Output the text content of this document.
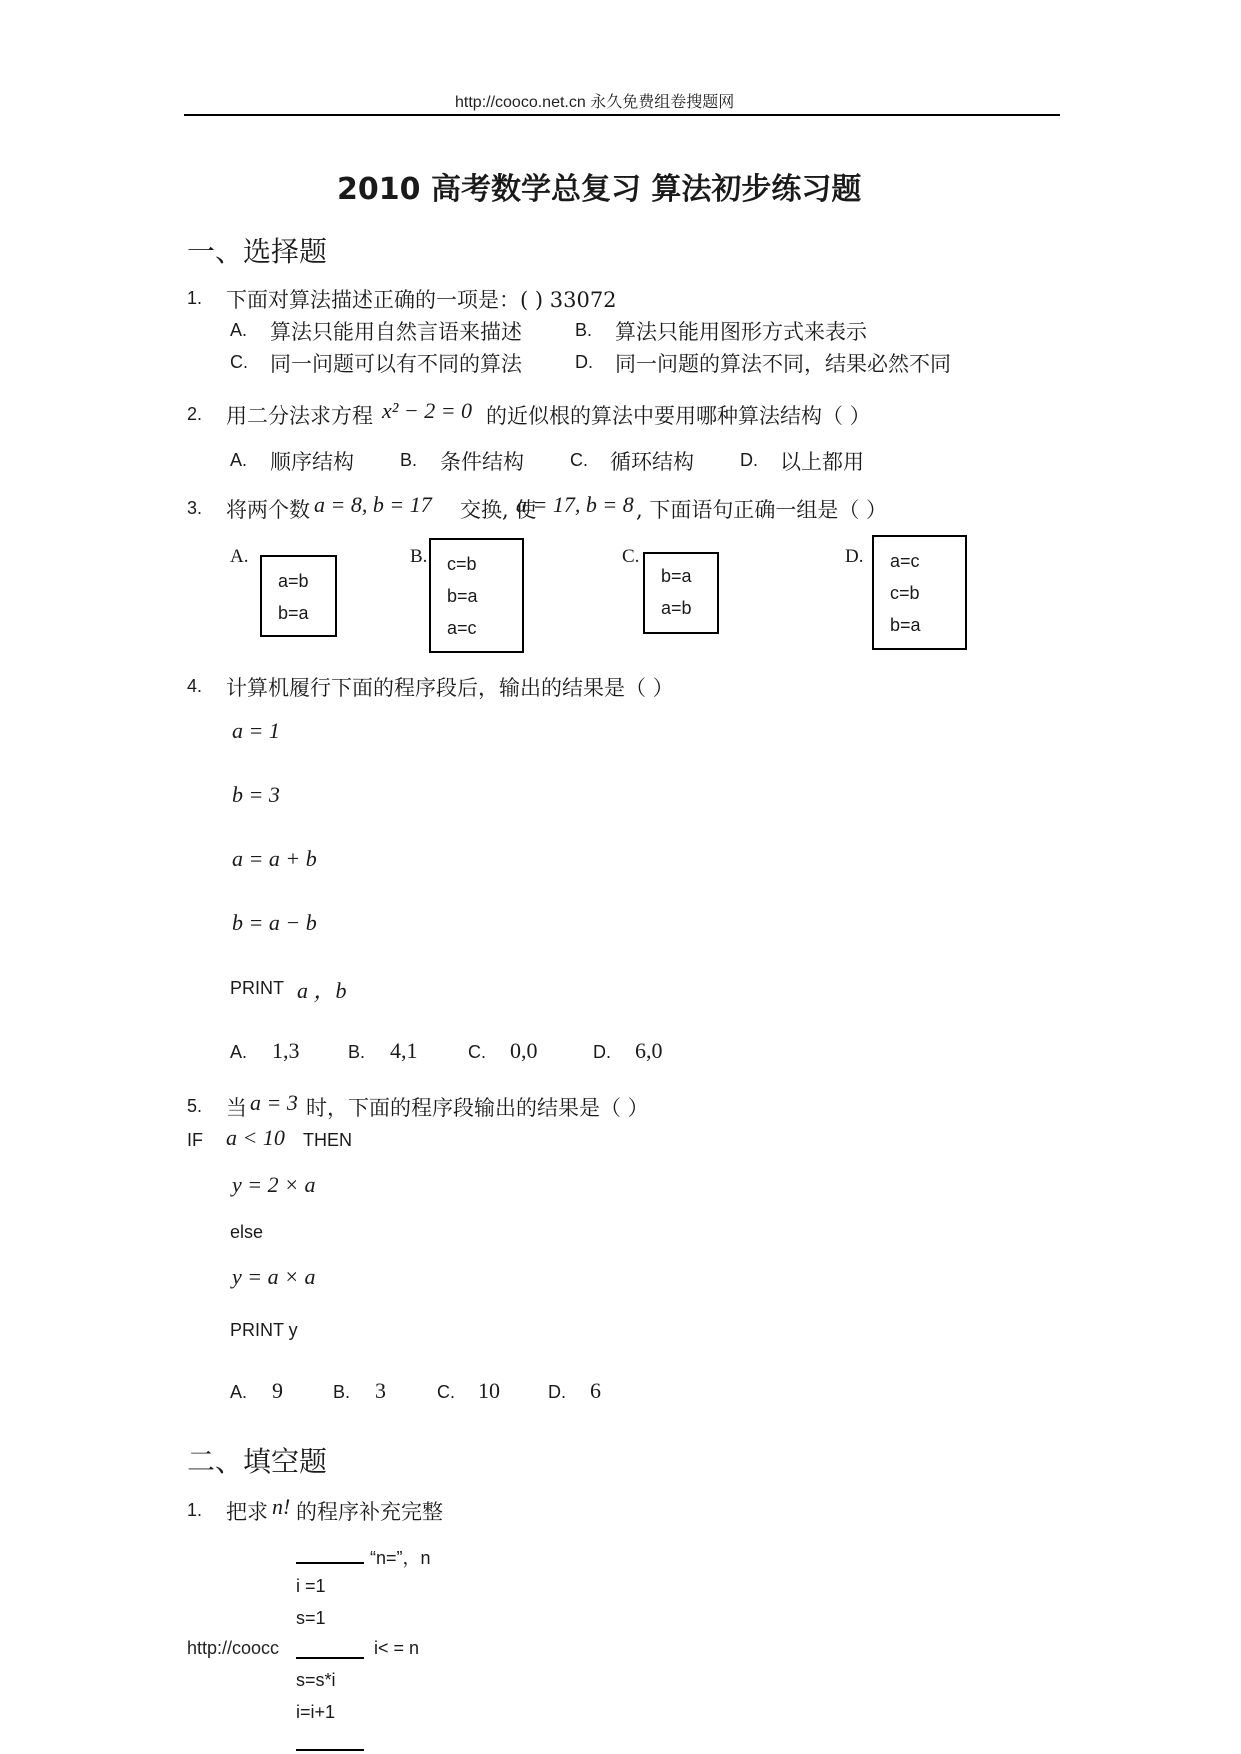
http://cooco.net.cn 永久免费组卷搜题网
2010 高考数学总复习 算法初步练习题
一、选择题
1. 下面对算法描述正确的一项是：( ) 33072
A. 算法只能用自然言语来描述	B. 算法只能用图形方式来表示
C. 同一问题可以有不同的算法	D. 同一问题的算法不同，结果必然不同
2. 用二分法求方程 x² − 2 = 0 的近似根的算法中要用哪种算法结构（ ）
A. 顺序结构	B. 条件结构	C. 循环结构	D. 以上都用
3. 将两个数 a = 8, b = 17 交换, 使
a = 17, b = 8 , 下面语句正确一组是（ ）
A.
a=b
b=a
B. c=b
b=a
a=c
C.
b=a
a=b
D. a=c
c=b
b=a
4. 计算机履行下面的程序段后，输出的结果是（ ）
a = 1
b = 3
a = a + b
b = a − b
PRINT a ，b
A. 1,3	B. 4,1	C. 0,0	D. 6,0
5. 当 a = 3 时，下面的程序段输出的结果是（ ）
IF a < 10 THEN
y = 2 × a
else
y = a × a
PRINT y
A. 9	B. 3	C. 10	D. 6
二、填空题
1. 把求 n! 的程序补充完整
“n=”，n
i =1
s=1
http://coocc	i< = n
s=s*i
i=i+1
